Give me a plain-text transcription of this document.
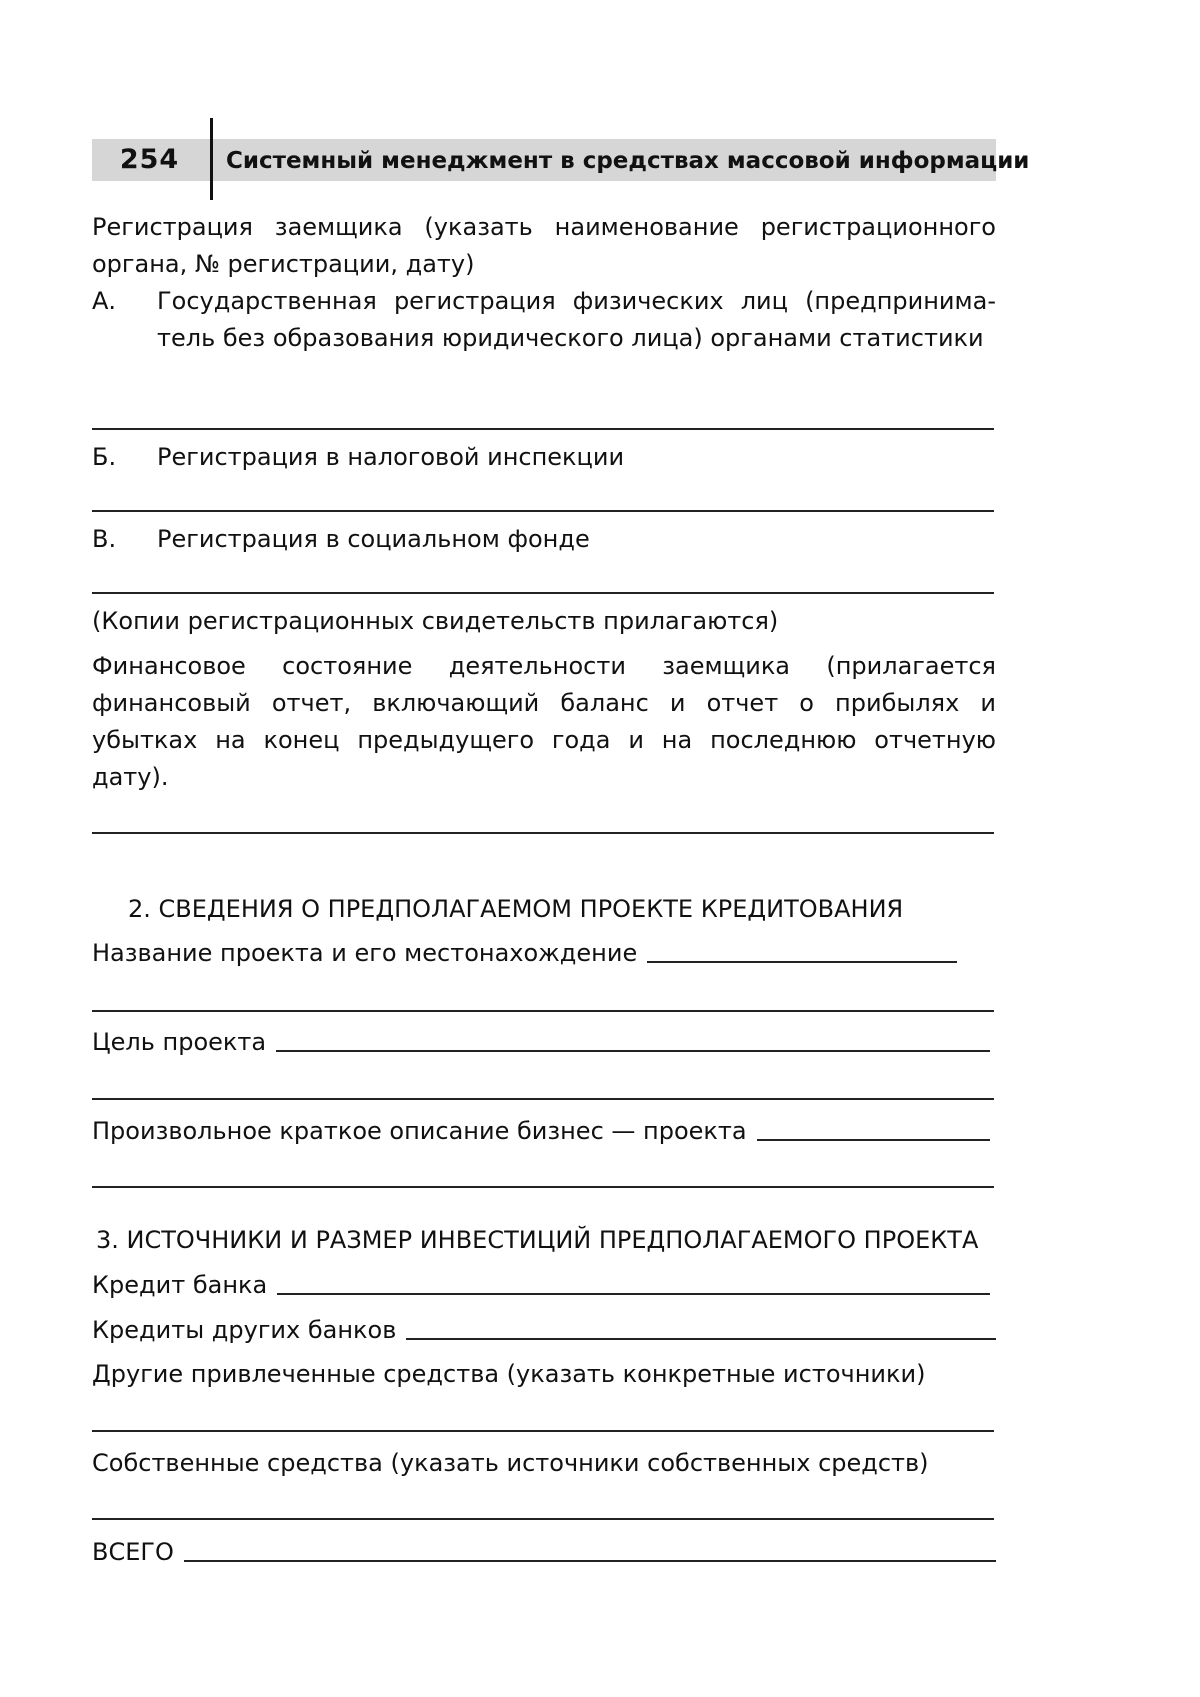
254	Системный менеджмент в средствах массовой информации

Регистрация заемщика (указать наименование регистрационного органа, № регистрации, дату)

А. Государственная регистрация физических лиц (предпринима-тель без образования юридического лица) органами статистики
Б. Регистрация в налоговой инспекции
В. Регистрация в социальном фонде

(Копии регистрационных свидетельств прилагаются)

Финансовое состояние деятельности заемщика (прилагается финансовый отчет, включающий баланс и отчет о прибылях и убытках на конец предыдущего года и на последнюю отчетную дату).

2. СВЕДЕНИЯ О ПРЕДПОЛАГАЕМОМ ПРОЕКТЕ КРЕДИТОВАНИЯ
Название проекта и его местонахождение
Цель проекта
Произвольное краткое описание бизнес — проекта
3. ИСТОЧНИКИ И РАЗМЕР ИНВЕСТИЦИЙ ПРЕДПОЛАГАЕМОГО ПРОЕКТА
Кредит банка
Кредиты других банков

Другие привлеченные средства (указать конкретные источники)

Собственные средства (указать источники собственных средств)

ВСЕГО
